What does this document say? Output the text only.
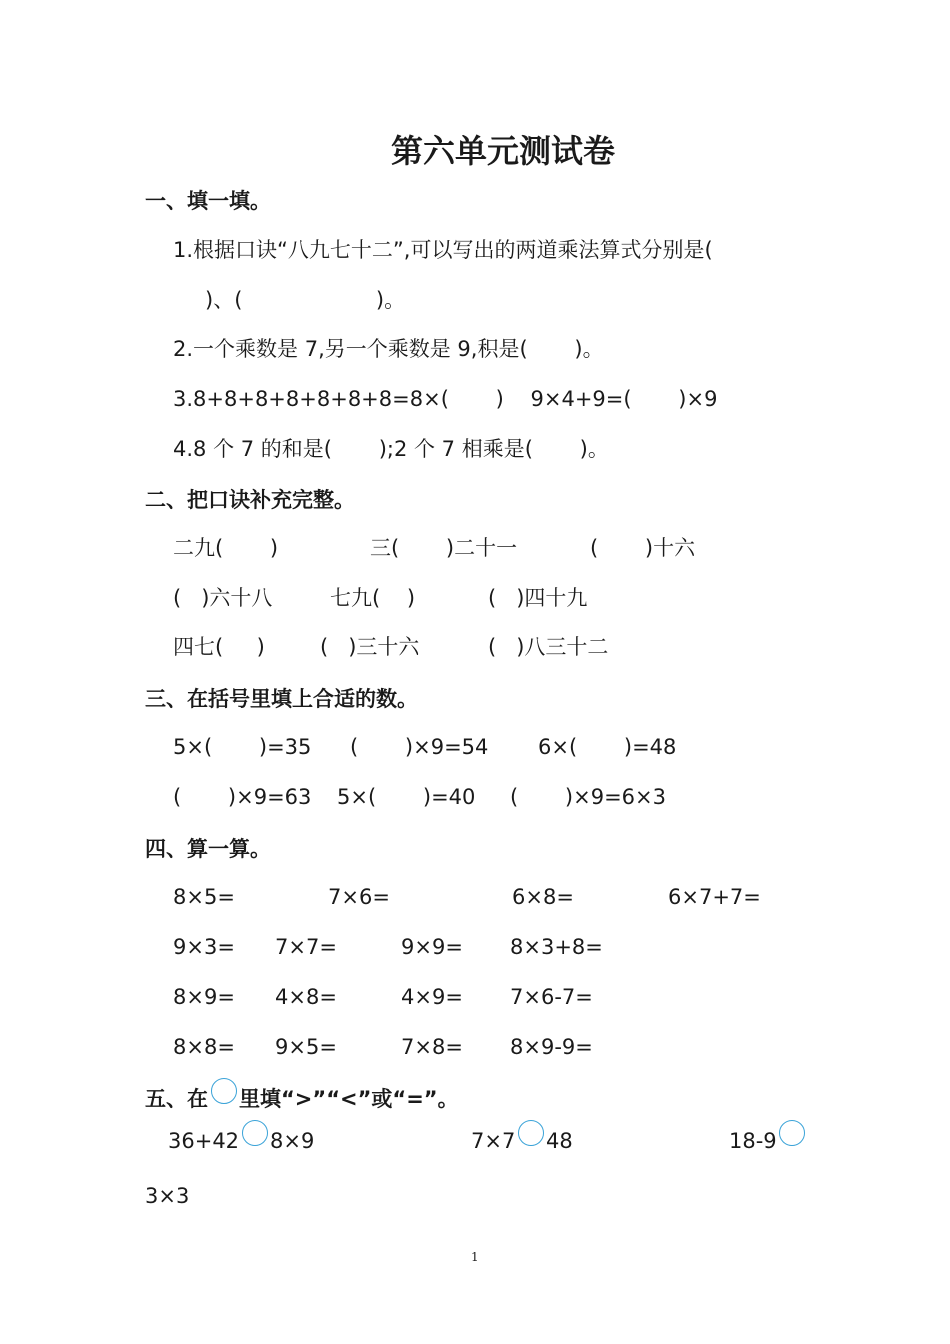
第六单元测试卷
一、填一填。
1.根据口诀“八九七十二”,可以写出的两道乘法算式分别是(
)、(                    )。
2.一个乘数是 7,另一个乘数是 9,积是(       )。
3.8+8+8+8+8+8+8=8×(       )    9×4+9=(       )×9
4.8 个 7 的和是(       );2 个 7 相乘是(       )。
二、把口诀补充完整。
二九(       )	三(       )二十一	(       )十六
(   )六十八	七九(    )	(   )四十九
四七(     )	(   )三十六	(   )八三十二
三、在括号里填上合适的数。
5×(       )=35 (       )×9=54 6×(       )=48
(       )×9=63 5×(       )=40 (       )×9=6×3
四、算一算。
8×5=	7×6=	6×8=	6×7+7=
9×3= 7×7=	9×9= 8×3+8=
8×9= 4×8=	4×9= 7×6-7=
8×8= 9×5=	7×8= 8×9-9=
五、在 里填“>”“<”或“=”。
36+42 8×9	7×7 48	18-9
3×3
1
